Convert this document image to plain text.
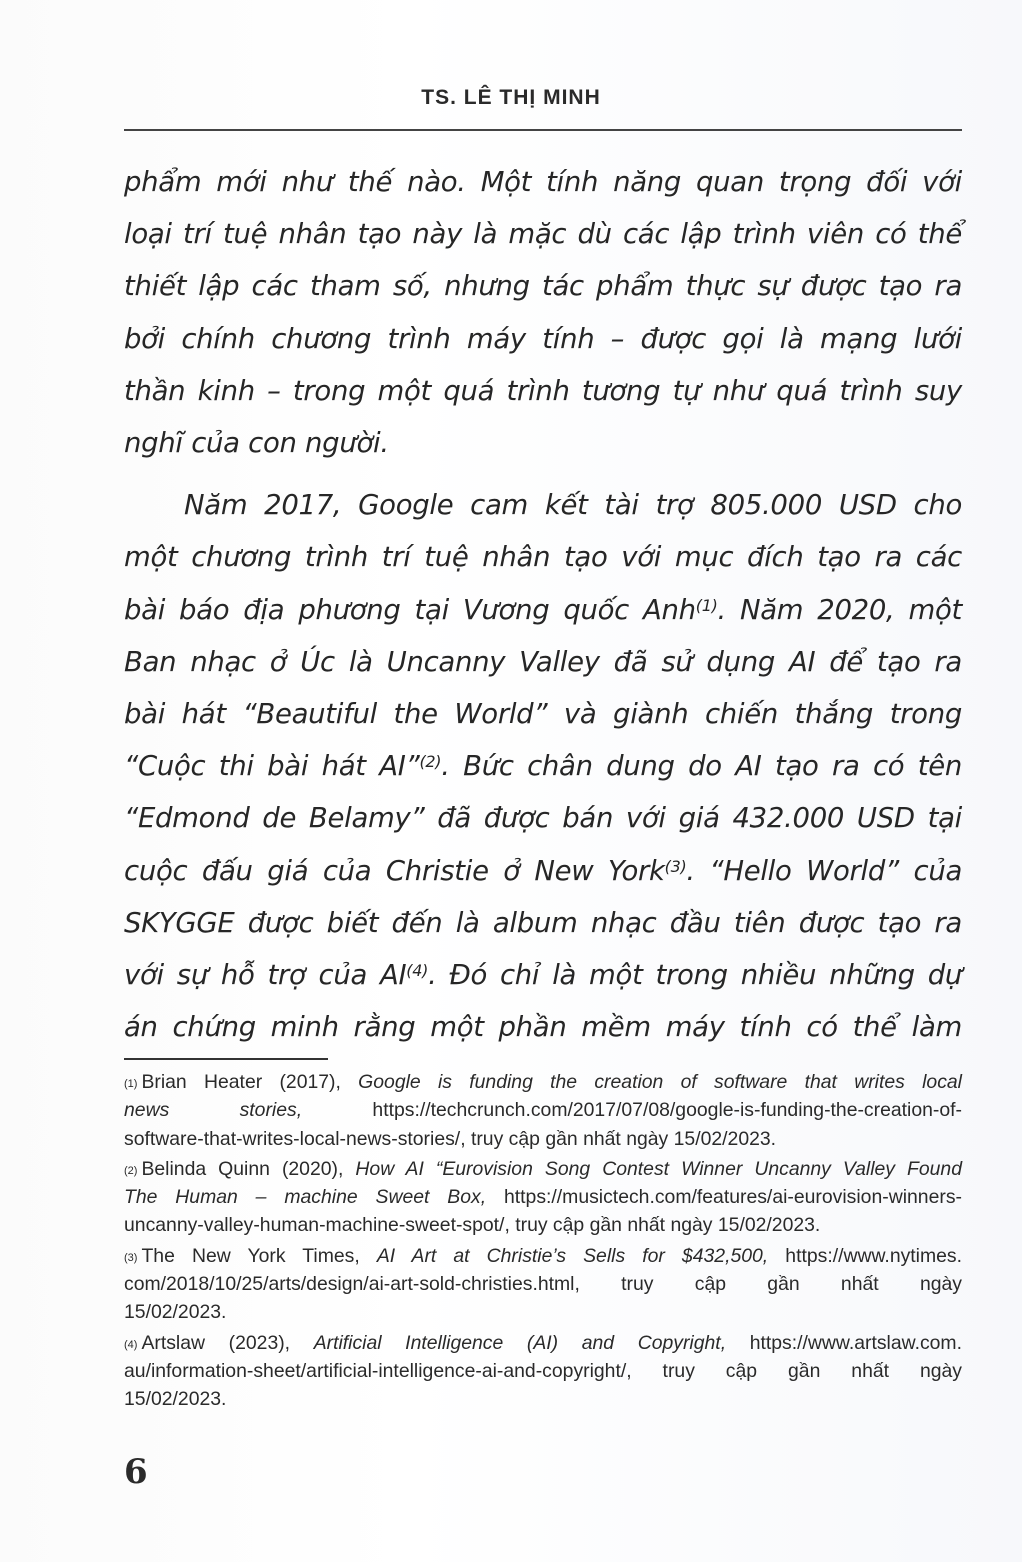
TS. LÊ THỊ MINH
phẩm mới như thế nào. Một tính năng quan trọng đối với
loại trí tuệ nhân tạo này là mặc dù các lập trình viên có thể
thiết lập các tham số, nhưng tác phẩm thực sự được tạo ra
bởi chính chương trình máy tính – được gọi là mạng lưới
thần kinh – trong một quá trình tương tự như quá trình suy
nghĩ của con người.
Năm 2017, Google cam kết tài trợ 805.000 USD cho
một chương trình trí tuệ nhân tạo với mục đích tạo ra các
bài báo địa phương tại Vương quốc Anh$^{(1)}$. Năm 2020, một
Ban nhạc ở Úc là Uncanny Valley đã sử dụng AI để tạo ra
bài hát “Beautiful the World” và giành chiến thắng trong
“Cuộc thi bài hát AI”$^{(2)}$. Bức chân dung do AI tạo ra có tên
“Edmond de Belamy” đã được bán với giá 432.000 USD tại
cuộc đấu giá của Christie ở New York$^{(3)}$. “Hello World” của
SKYGGE được biết đến là album nhạc đầu tiên được tạo ra
với sự hỗ trợ của AI$^{(4)}$. Đó chỉ là một trong nhiều những dự
án chứng minh rằng một phần mềm máy tính có thể làm
$^{(1)}$ Brian Heater (2017), Google is funding the creation of software that writes local
news stories, https://techcrunch.com/2017/07/08/google-is-funding-the-creation-of-
software-that-writes-local-news-stories/, truy cập gần nhất ngày 15/02/2023.
$^{(2)}$ Belinda Quinn (2020), How AI “Eurovision Song Contest Winner Uncanny Valley Found
The Human – machine Sweet Box, https://musictech.com/features/ai-eurovision-winners-
uncanny-valley-human-machine-sweet-spot/, truy cập gần nhất ngày 15/02/2023.
$^{(3)}$ The New York Times, AI Art at Christie’s Sells for $432,500, https://www.nytimes.
com/2018/10/25/arts/design/ai-art-sold-christies.html, truy cập gần nhất ngày
15/02/2023.
$^{(4)}$ Artslaw (2023), Artificial Intelligence (AI) and Copyright, https://www.artslaw.com.
au/information-sheet/artificial-intelligence-ai-and-copyright/, truy cập gần nhất ngày
15/02/2023.
6
